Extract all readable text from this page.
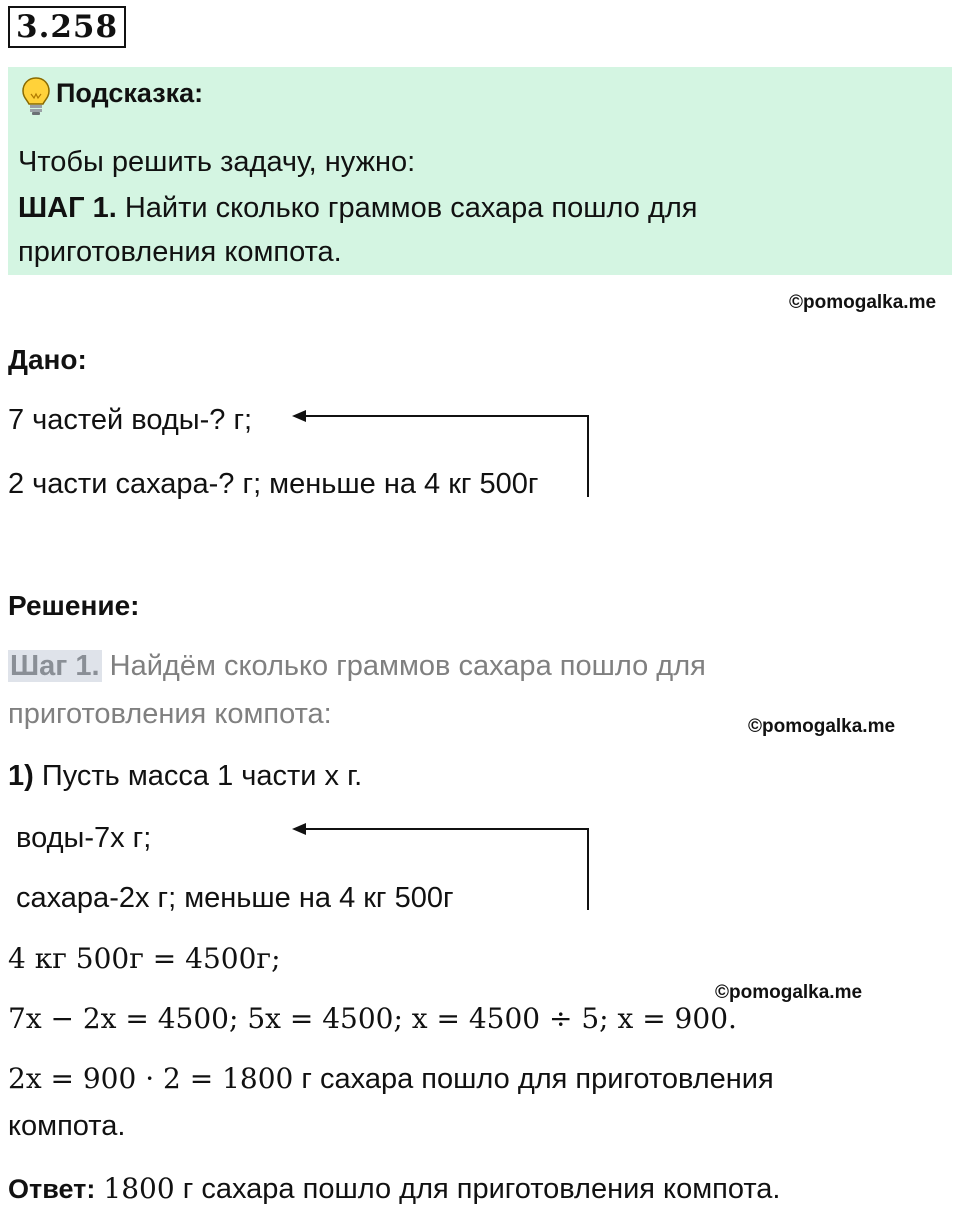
3.258
Подсказка:
Чтобы решить задачу, нужно:
ШАГ 1. Найти сколько граммов сахара пошло для
приготовления компота.
©pomogalka.me
Дано:
7 частей воды-? г;
2 части сахара-? г; меньше на 4 кг 500г
Решение:
Шаг 1. Найдём сколько граммов сахара пошло для
приготовления компота:	©pomogalka.me
1) Пусть масса 1 части х г.
воды-7х г;
сахара-2х г; меньше на 4 кг 500г
4 кг 500г = 4500г;
©pomogalka.me
7х − 2х = 4500; 5х = 4500; х = 4500 ÷ 5; х = 900.
2х = 900 · 2 = 1800 г сахара пошло для приготовления
компота.
Ответ: 1800 г сахара пошло для приготовления компота.
